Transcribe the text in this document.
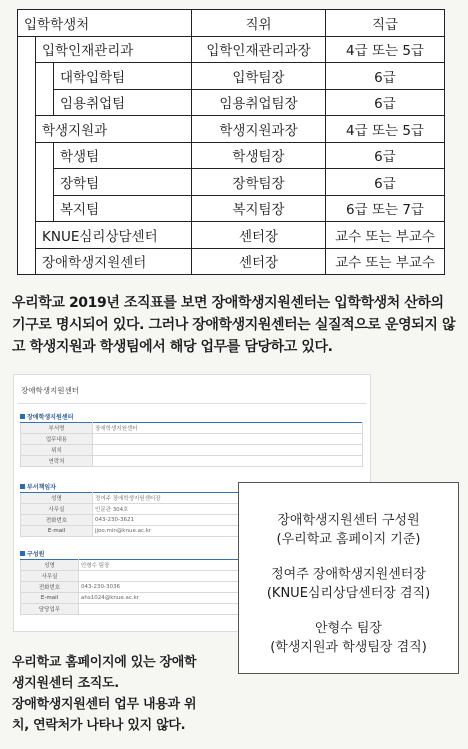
입학학생처			직위	직급
	입학인재관리과		입학인재관리과장	4급 또는 5급
		대학입학팀	입학팀장	6급
		임용취업팀	임용취업팀장	6급
	학생지원과		학생지원과장	4급 또는 5급
		학생팀	학생팀장	6급
		장학팀	장학팀장	6급
		복지팀	복지팀장	6급 또는 7급
	KNUE심리상담센터		센터장	교수 또는 부교수
	장애학생지원센터		센터장	교수 또는 부교수

우리학교 2019년 조직표를 보면 장애학생지원센터는 입학학생처 산하의 기구로 명시되어 있다. 그러나 장애학생지원센터는 실질적으로 운영되지 않고 학생지원과 학생팀에서 해당 업무를 담당하고 있다.

장애학생지원센터
장애학생지원센터
부서명	장애학생지원센터
업무내용	
위치	
연락처	
부서책임자
성명	정여주 장애학생지원센터장
사무실	인문관 304호
전화번호	043-230-3621
E-mail	jjoo.min@knue.ac.kr
구성원
성명	안형수 팀장
사무실	
전화번호	043-230-3036
E-mail	ahs1024@knue.ac.kr
담당업무	
장애학생지원센터 구성원
(우리학교 홈페이지 기준)
정여주 장애학생지원센터장
(KNUE심리상담센터장 겸직)
안형수 팀장
(학생지원과 학생팀장 겸직)
우리학교 홈페이지에 있는 장애학
생지원센터 조직도.
장애학생지원센터 업무 내용과 위
치, 연락처가 나타나 있지 않다.
